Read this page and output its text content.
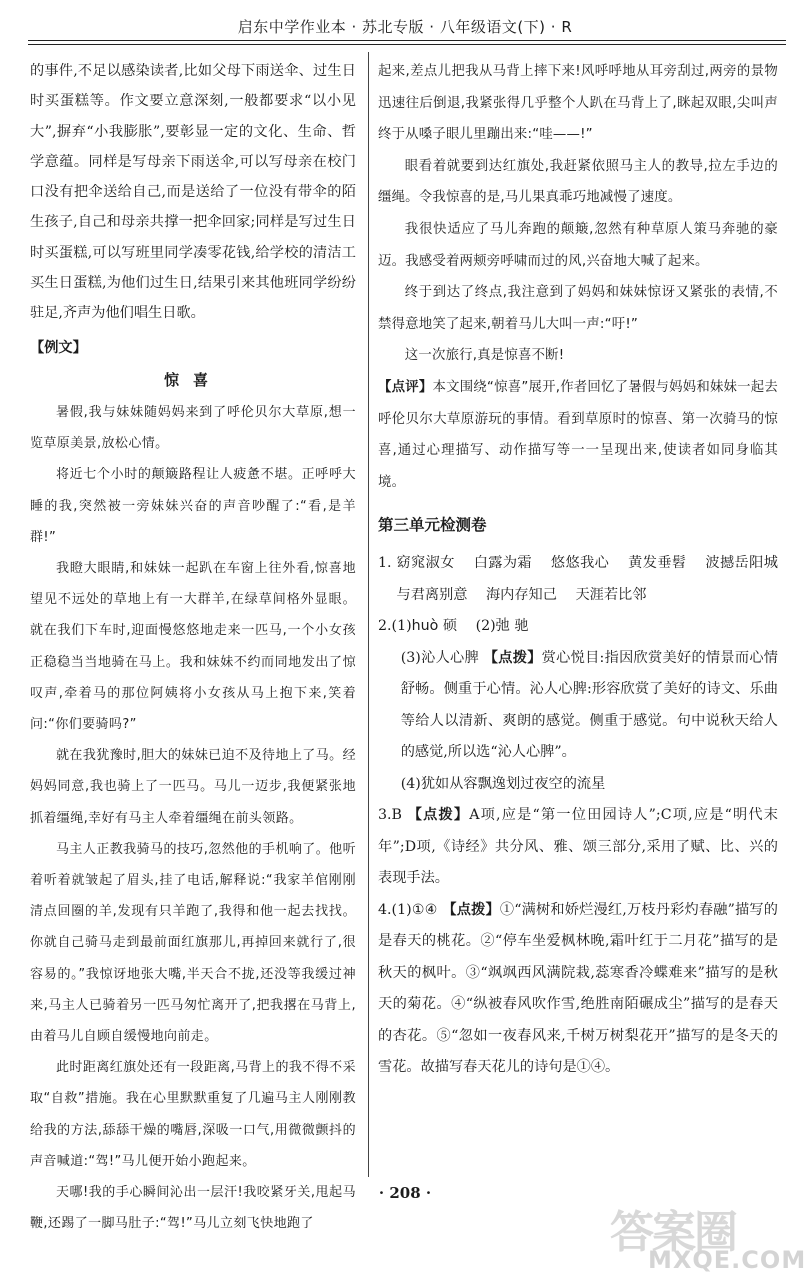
启东中学作业本 · 苏北专版 · 八年级语文(下) · R

的事件,不足以感染读者,比如父母下雨送伞、过生日时买蛋糕等。作文要立意深刻,一般都要求“以小见大”,摒弃“小我膨胀”,要彰显一定的文化、生命、哲学意蕴。同样是写母亲下雨送伞,可以写母亲在校门口没有把伞送给自己,而是送给了一位没有带伞的陌生孩子,自己和母亲共撑一把伞回家;同样是写过生日时买蛋糕,可以写班里同学凑零花钱,给学校的清洁工买生日蛋糕,为他们过生日,结果引来其他班同学纷纷驻足,齐声为他们唱生日歌。

【例文】

惊喜

暑假,我与妹妹随妈妈来到了呼伦贝尔大草原,想一览草原美景,放松心情。

将近七个小时的颠簸路程让人疲惫不堪。正呼呼大睡的我,突然被一旁妹妹兴奋的声音吵醒了:“看,是羊群!”

我瞪大眼睛,和妹妹一起趴在车窗上往外看,惊喜地望见不远处的草地上有一大群羊,在绿草间格外显眼。就在我们下车时,迎面慢悠悠地走来一匹马,一个小女孩正稳稳当当地骑在马上。我和妹妹不约而同地发出了惊叹声,牵着马的那位阿姨将小女孩从马上抱下来,笑着问:“你们要骑吗?”

就在我犹豫时,胆大的妹妹已迫不及待地上了马。经妈妈同意,我也骑上了一匹马。马儿一迈步,我便紧张地抓着缰绳,幸好有马主人牵着缰绳在前头领路。

马主人正教我骑马的技巧,忽然他的手机响了。他听着听着就皱起了眉头,挂了电话,解释说:“我家羊倌刚刚清点回圈的羊,发现有只羊跑了,我得和他一起去找找。你就自己骑马走到最前面红旗那儿,再掉回来就行了,很容易的。”我惊讶地张大嘴,半天合不拢,还没等我缓过神来,马主人已骑着另一匹马匆忙离开了,把我撂在马背上,由着马儿自顾自缓慢地向前走。

此时距离红旗处还有一段距离,马背上的我不得不采取“自救”措施。我在心里默默重复了几遍马主人刚刚教给我的方法,舔舔干燥的嘴唇,深吸一口气,用微微颤抖的声音喊道:“驾!”马儿便开始小跑起来。

天哪!我的手心瞬间沁出一层汗!我咬紧牙关,甩起马鞭,还踢了一脚马肚子:“驾!”马儿立刻飞快地跑了

起来,差点儿把我从马背上摔下来!风呼呼地从耳旁刮过,两旁的景物迅速往后倒退,我紧张得几乎整个人趴在马背上了,眯起双眼,尖叫声终于从嗓子眼儿里蹦出来:“哇——!”

眼看着就要到达红旗处,我赶紧依照马主人的教导,拉左手边的缰绳。令我惊喜的是,马儿果真乖巧地减慢了速度。

我很快适应了马儿奔跑的颠簸,忽然有种草原人策马奔驰的豪迈。我感受着两颊旁呼啸而过的风,兴奋地大喊了起来。

终于到达了终点,我注意到了妈妈和妹妹惊讶又紧张的表情,不禁得意地笑了起来,朝着马儿大叫一声:“吁!”

这一次旅行,真是惊喜不断!

【点评】本文围绕“惊喜”展开,作者回忆了暑假与妈妈和妹妹一起去呼伦贝尔大草原游玩的事情。看到草原时的惊喜、第一次骑马的惊喜,通过心理描写、动作描写等一一呈现出来,使读者如同身临其境。

第三单元检测卷

1. 窈窕淑女 白露为霜 悠悠我心 黄发垂髫 波撼岳阳城 与君离别意 海内存知己 天涯若比邻

2.(1)huò 硕 (2)弛 驰

(3)沁人心脾 【点拨】赏心悦目:指因欣赏美好的情景而心情舒畅。侧重于心情。沁人心脾:形容欣赏了美好的诗文、乐曲等给人以清新、爽朗的感觉。侧重于感觉。句中说秋天给人的感觉,所以选“沁人心脾”。

(4)犹如从容飘逸划过夜空的流星

3.B 【点拨】A项,应是“第一位田园诗人”;C项,应是“明代末年”;D项,《诗经》共分风、雅、颂三部分,采用了赋、比、兴的表现手法。

4.(1)①④ 【点拨】①“满树和娇烂漫红,万枝丹彩灼春融”描写的是春天的桃花。②“停车坐爱枫林晚,霜叶红于二月花”描写的是秋天的枫叶。③“飒飒西风满院栽,蕊寒香冷蝶难来”描写的是秋天的菊花。④“纵被春风吹作雪,绝胜南陌碾成尘”描写的是春天的杏花。⑤“忽如一夜春风来,千树万树梨花开”描写的是冬天的雪花。故描写春天花儿的诗句是①④。

· 208 ·
答案圈
MXQE.COM
